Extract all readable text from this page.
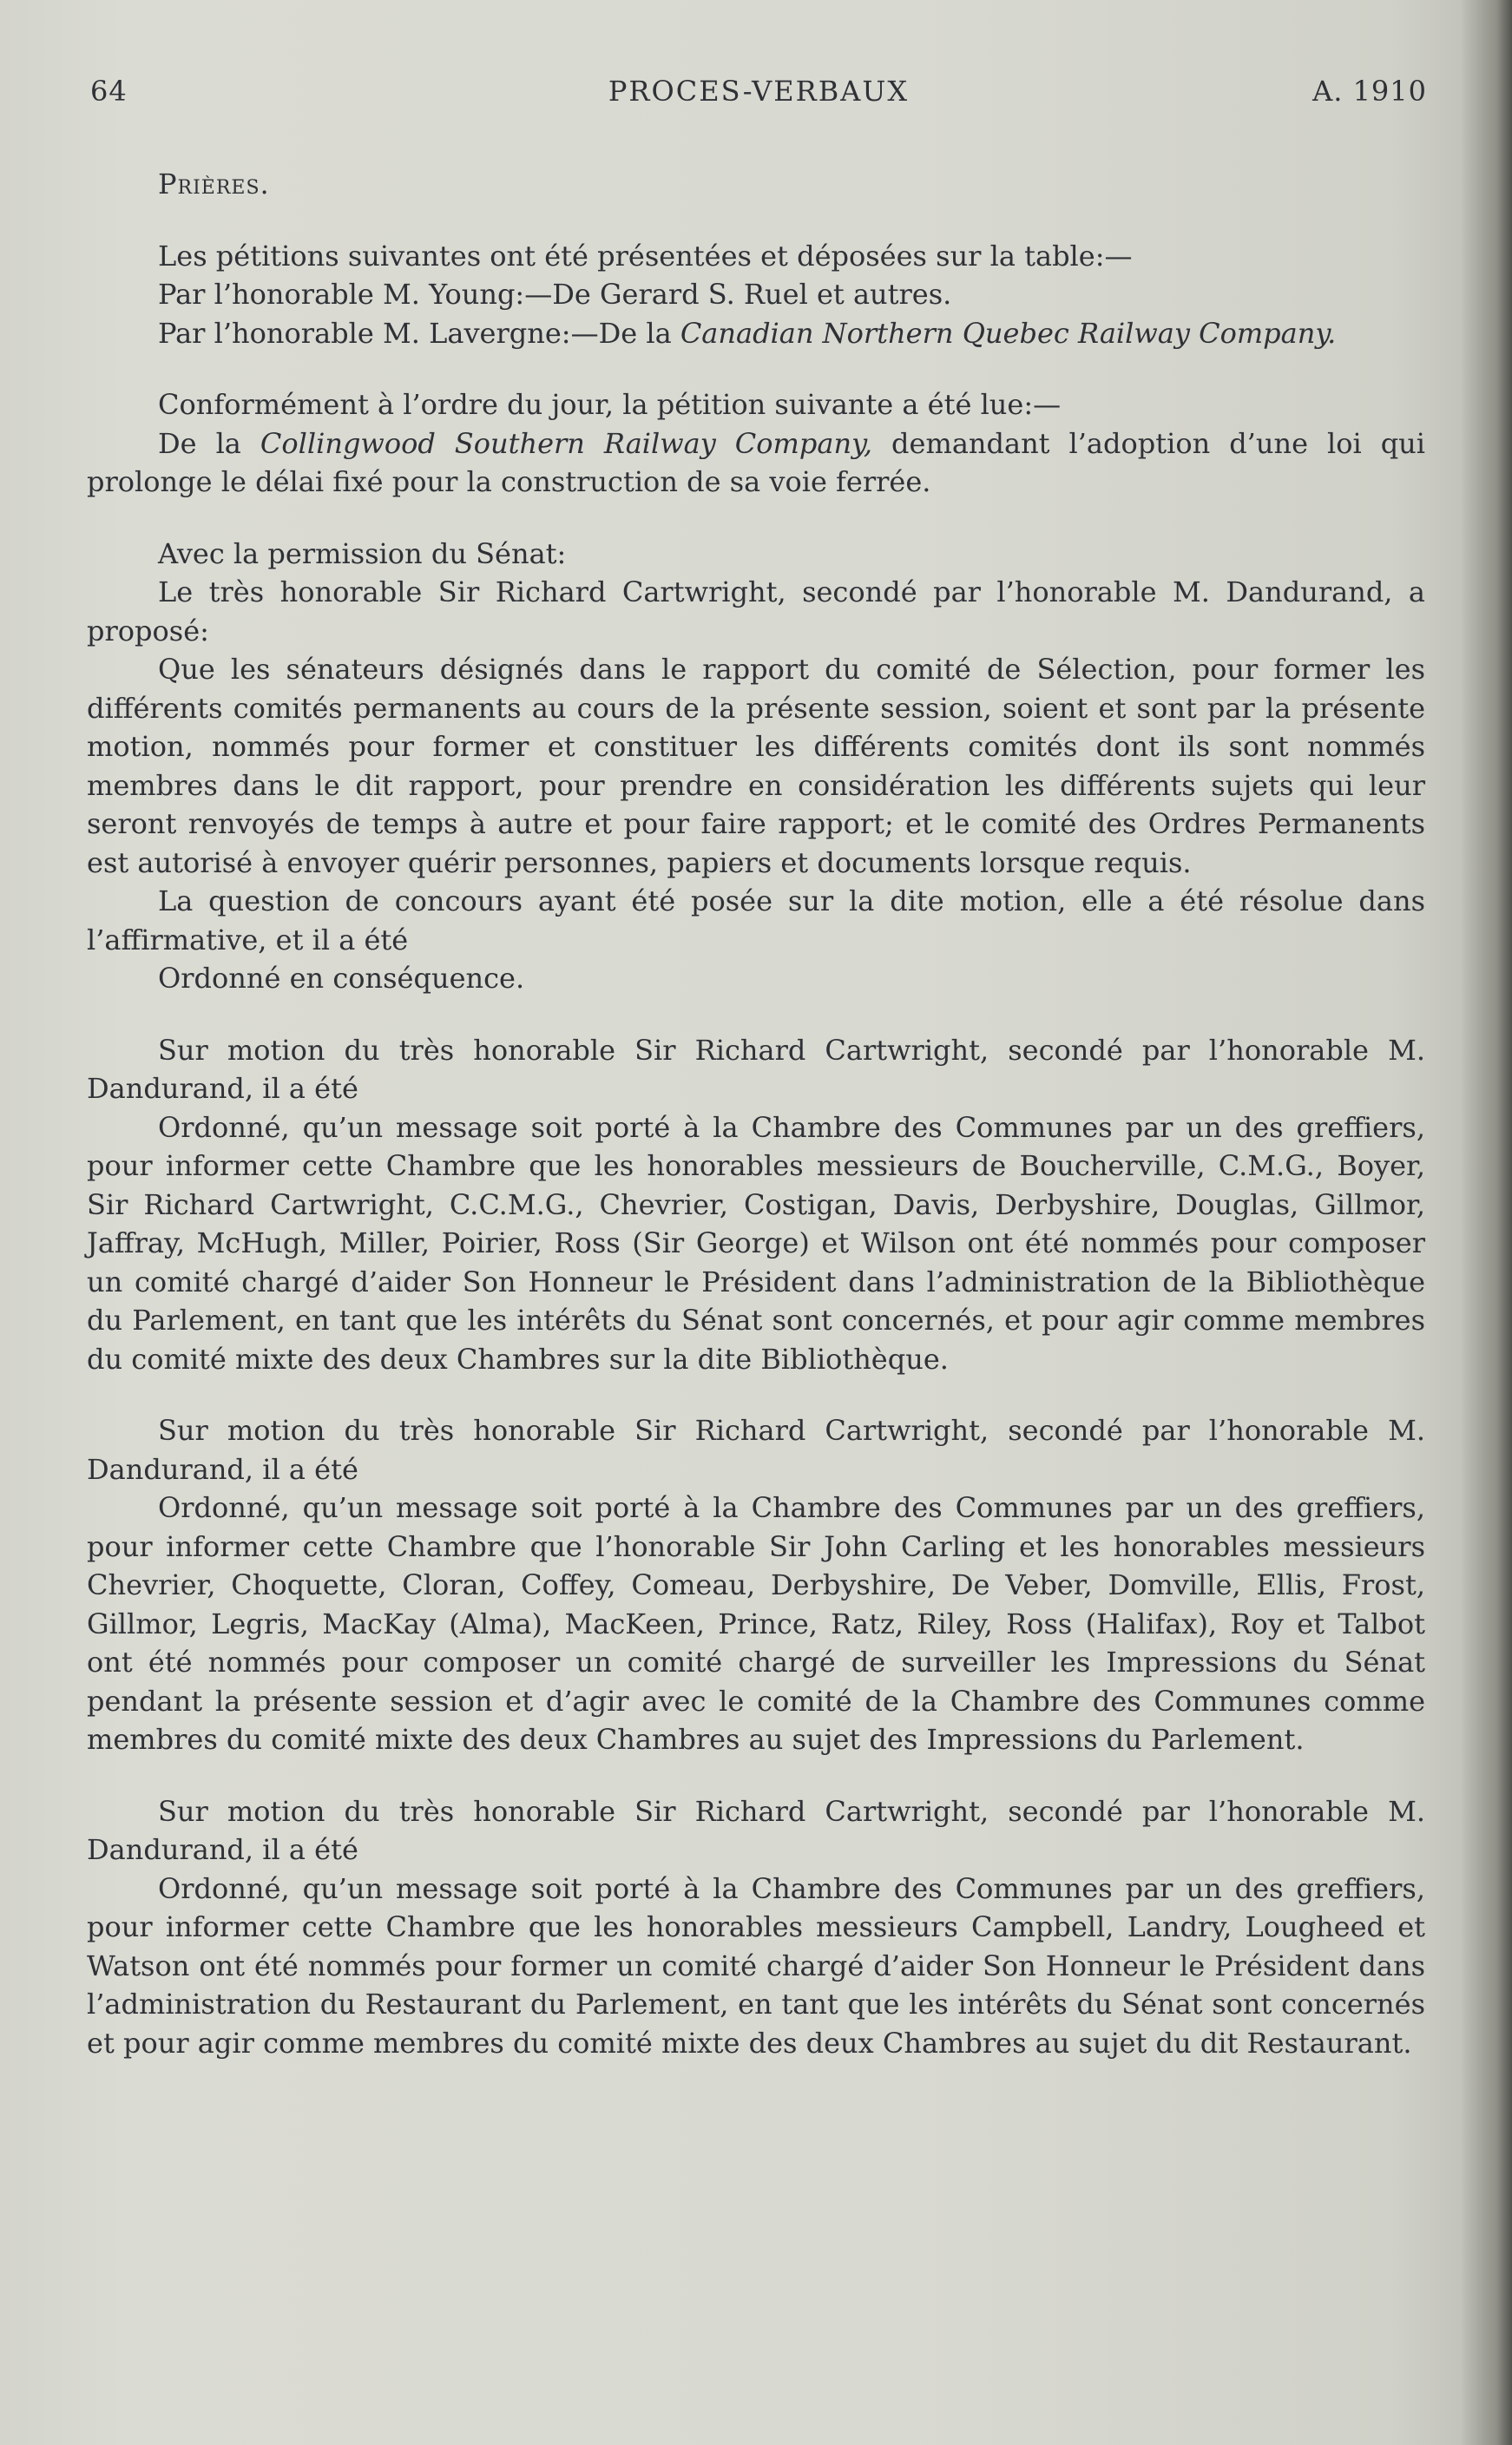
64	PROCES-VERBAUX	A. 1910

Prières.

Les pétitions suivantes ont été présentées et déposées sur la table:—

Par l’honorable M. Young:—De Gerard S. Ruel et autres.

Par l’honorable M. Lavergne:—De la Canadian Northern Quebec Railway Company.

Conformément à l’ordre du jour, la pétition suivante a été lue:—

De la Collingwood Southern Railway Company, demandant l’adoption d’une loi qui prolonge le délai fixé pour la construction de sa voie ferrée.

Avec la permission du Sénat:

Le très honorable Sir Richard Cartwright, secondé par l’honorable M. Dandurand, a proposé:

Que les sénateurs désignés dans le rapport du comité de Sélection, pour former les différents comités permanents au cours de la présente session, soient et sont par la présente motion, nommés pour former et constituer les différents comités dont ils sont nommés membres dans le dit rapport, pour prendre en considération les différents sujets qui leur seront renvoyés de temps à autre et pour faire rapport; et le comité des Ordres Permanents est autorisé à envoyer quérir personnes, papiers et documents lorsque requis.

La question de concours ayant été posée sur la dite motion, elle a été résolue dans l’affirmative, et il a été

Ordonné en conséquence.

Sur motion du très honorable Sir Richard Cartwright, secondé par l’honorable M. Dandurand, il a été

Ordonné, qu’un message soit porté à la Chambre des Communes par un des greffiers, pour informer cette Chambre que les honorables messieurs de Boucherville, C.M.G., Boyer, Sir Richard Cartwright, C.C.M.G., Chevrier, Costigan, Davis, Derbyshire, Douglas, Gillmor, Jaffray, McHugh, Miller, Poirier, Ross (Sir George) et Wilson ont été nommés pour composer un comité chargé d’aider Son Honneur le Président dans l’administration de la Bibliothèque du Parlement, en tant que les intérêts du Sénat sont concernés, et pour agir comme membres du comité mixte des deux Chambres sur la dite Bibliothèque.

Sur motion du très honorable Sir Richard Cartwright, secondé par l’honorable M. Dandurand, il a été

Ordonné, qu’un message soit porté à la Chambre des Communes par un des greffiers, pour informer cette Chambre que l’honorable Sir John Carling et les honorables messieurs Chevrier, Choquette, Cloran, Coffey, Comeau, Derbyshire, De Veber, Domville, Ellis, Frost, Gillmor, Legris, MacKay (Alma), MacKeen, Prince, Ratz, Riley, Ross (Halifax), Roy et Talbot ont été nommés pour composer un comité chargé de surveiller les Impressions du Sénat pendant la présente session et d’agir avec le comité de la Chambre des Communes comme membres du comité mixte des deux Chambres au sujet des Impressions du Parlement.

Sur motion du très honorable Sir Richard Cartwright, secondé par l’honorable M. Dandurand, il a été

Ordonné, qu’un message soit porté à la Chambre des Communes par un des greffiers, pour informer cette Chambre que les honorables messieurs Campbell, Landry, Lougheed et Watson ont été nommés pour former un comité chargé d’aider Son Honneur le Président dans l’administration du Restaurant du Parlement, en tant que les intérêts du Sénat sont concernés et pour agir comme membres du comité mixte des deux Chambres au sujet du dit Restaurant.
